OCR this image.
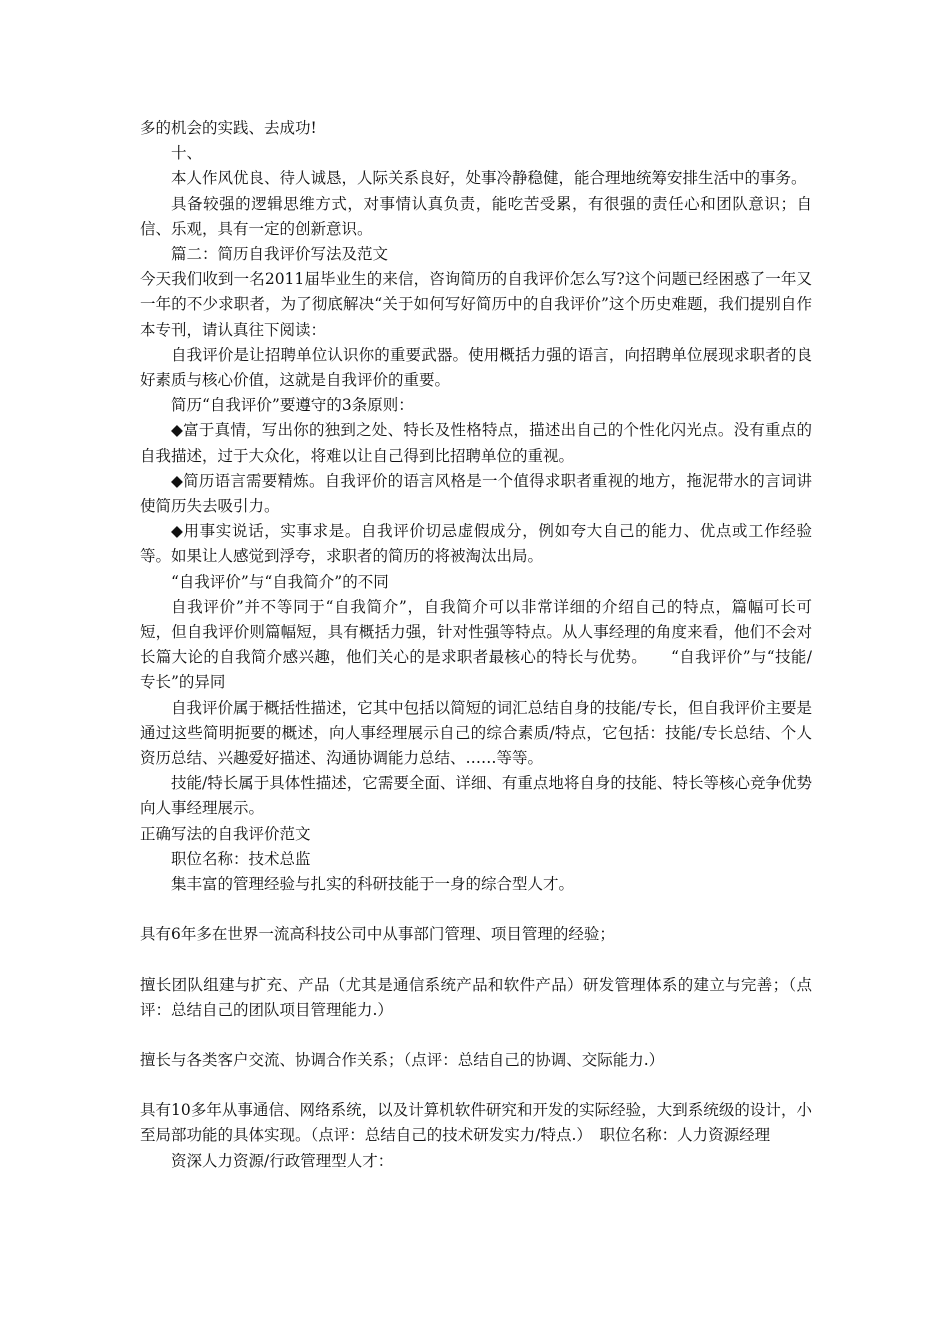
多的机会的实践、去成功!

十、

本人作风优良、待人诚恳，人际关系良好，处事冷静稳健，能合理地统筹安排生活中的事务。

具备较强的逻辑思维方式，对事情认真负责，能吃苦受累，有很强的责任心和团队意识；自信、乐观，具有一定的创新意识。

篇二：简历自我评价写法及范文

今天我们收到一名2011届毕业生的来信，咨询简历的自我评价怎么写?这个问题已经困惑了一年又一年的不少求职者，为了彻底解决“关于如何写好简历中的自我评价”这个历史难题，我们提别自作本专刊，请认真往下阅读：

自我评价是让招聘单位认识你的重要武器。使用概括力强的语言，向招聘单位展现求职者的良好素质与核心价值，这就是自我评价的重要。

简历“自我评价”要遵守的3条原则：

◆富于真情，写出你的独到之处、特长及性格特点，描述出自己的个性化闪光点。没有重点的自我描述，过于大众化，将难以让自己得到比招聘单位的重视。

◆简历语言需要精炼。自我评价的语言风格是一个值得求职者重视的地方，拖泥带水的言词讲使简历失去吸引力。

◆用事实说话，实事求是。自我评价切忌虚假成分，例如夸大自己的能力、优点或工作经验等。如果让人感觉到浮夸，求职者的简历的将被淘汰出局。

“自我评价”与“自我简介”的不同

自我评价”并不等同于“自我简介”，自我简介可以非常详细的介绍自己的特点，篇幅可长可短，但自我评价则篇幅短，具有概括力强，针对性强等特点。从人事经理的角度来看，他们不会对长篇大论的自我简介感兴趣，他们关心的是求职者最核心的特长与优势。　　“自我评价”与“技能/专长”的异同

自我评价属于概括性描述，它其中包括以简短的词汇总结自身的技能/专长，但自我评价主要是通过这些简明扼要的概述，向人事经理展示自己的综合素质/特点，它包括：技能/专长总结、个人资历总结、兴趣爱好描述、沟通协调能力总结、……等等。

技能/特长属于具体性描述，它需要全面、详细、有重点地将自身的技能、特长等核心竞争优势向人事经理展示。

正确写法的自我评价范文

职位名称：技术总监

集丰富的管理经验与扎实的科研技能于一身的综合型人才。

具有6年多在世界一流高科技公司中从事部门管理、项目管理的经验；

擅长团队组建与扩充、产品（尤其是通信系统产品和软件产品）研发管理体系的建立与完善；（点评：总结自己的团队项目管理能力.）

擅长与各类客户交流、协调合作关系；（点评：总结自己的协调、交际能力.）

具有10多年从事通信、网络系统，以及计算机软件研究和开发的实际经验，大到系统级的设计，小至局部功能的具体实现。（点评：总结自己的技术研发实力/特点.）　职位名称：人力资源经理

资深人力资源/行政管理型人才：
